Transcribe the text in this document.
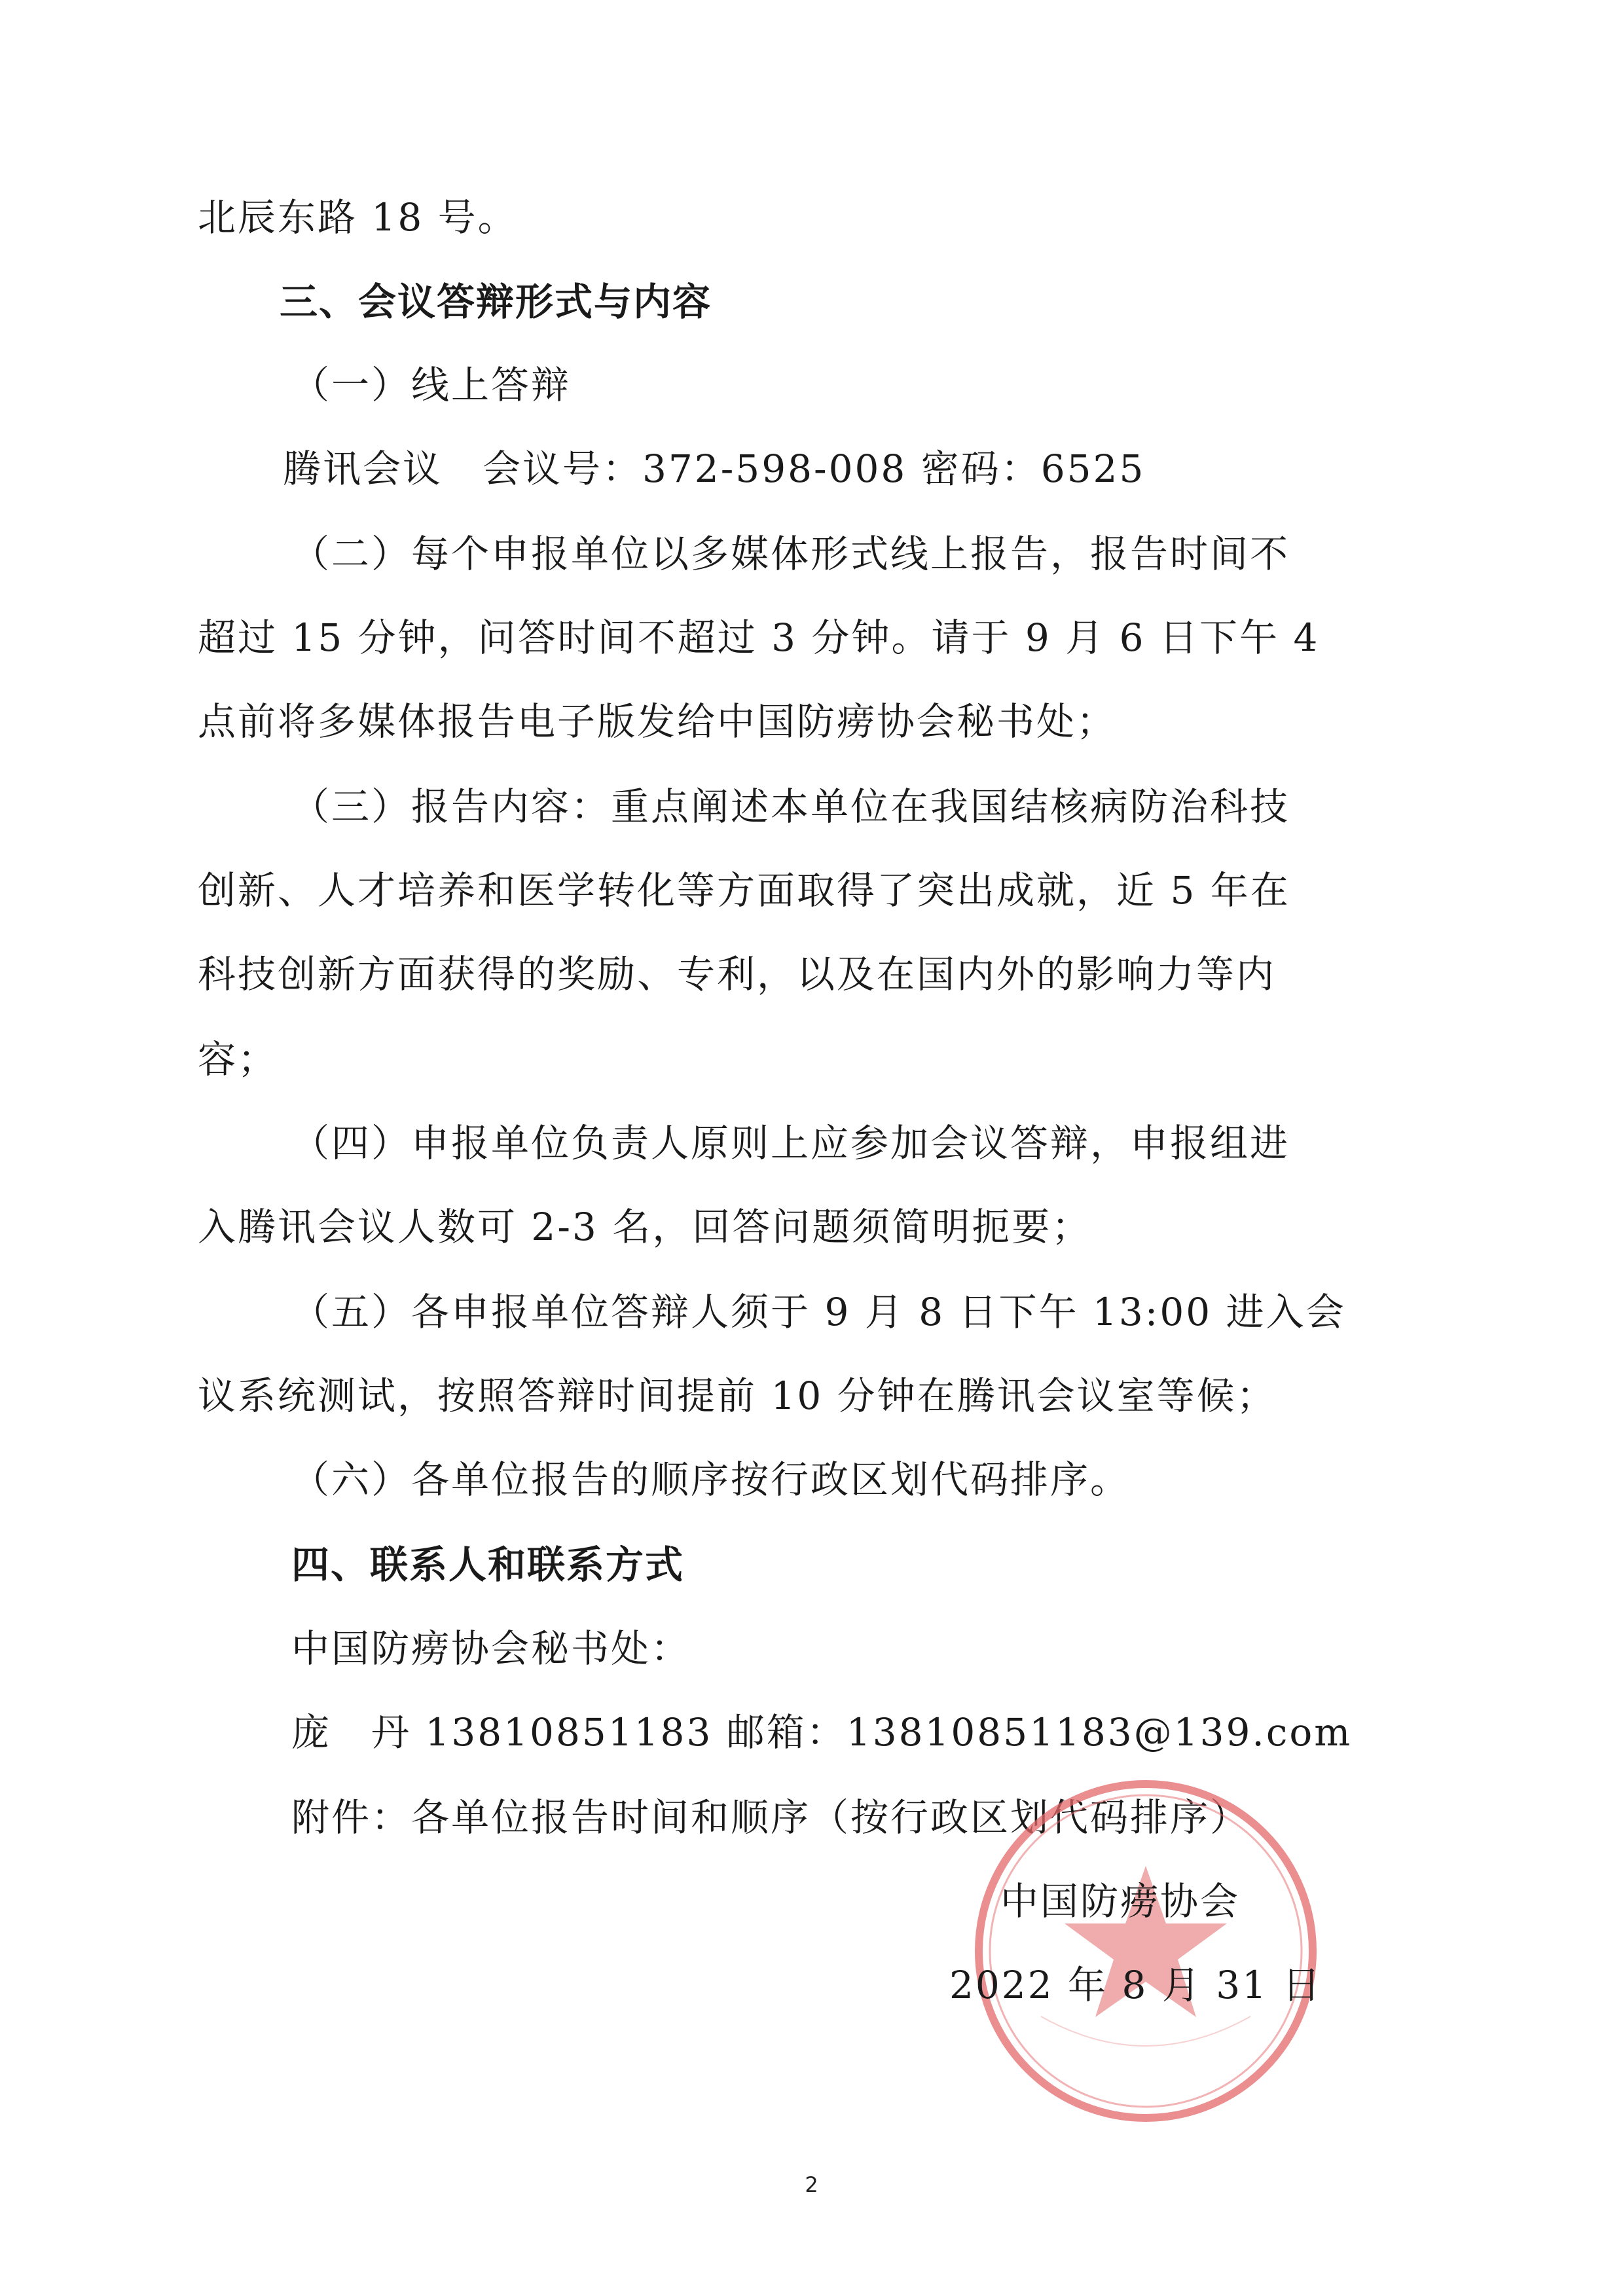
北辰东路 18 号。
三、会议答辩形式与内容
（一）线上答辩
腾讯会议　会议号：372-598-008 密码：6525
（二）每个申报单位以多媒体形式线上报告，报告时间不
超过 15 分钟，问答时间不超过 3 分钟。请于 9 月 6 日下午 4
点前将多媒体报告电子版发给中国防痨协会秘书处；
（三）报告内容：重点阐述本单位在我国结核病防治科技
创新、人才培养和医学转化等方面取得了突出成就，近 5 年在
科技创新方面获得的奖励、专利，以及在国内外的影响力等内
容；
（四）申报单位负责人原则上应参加会议答辩，申报组进
入腾讯会议人数可 2-3 名，回答问题须简明扼要；
（五）各申报单位答辩人须于 9 月 8 日下午 13:00 进入会
议系统测试，按照答辩时间提前 10 分钟在腾讯会议室等候；
（六）各单位报告的顺序按行政区划代码排序。
四、联系人和联系方式
中国防痨协会秘书处：
庞　丹 13810851183 邮箱：13810851183@139.com
附件：各单位报告时间和顺序（按行政区划代码排序）
中国防痨协会
2022 年 8 月 31 日
2
